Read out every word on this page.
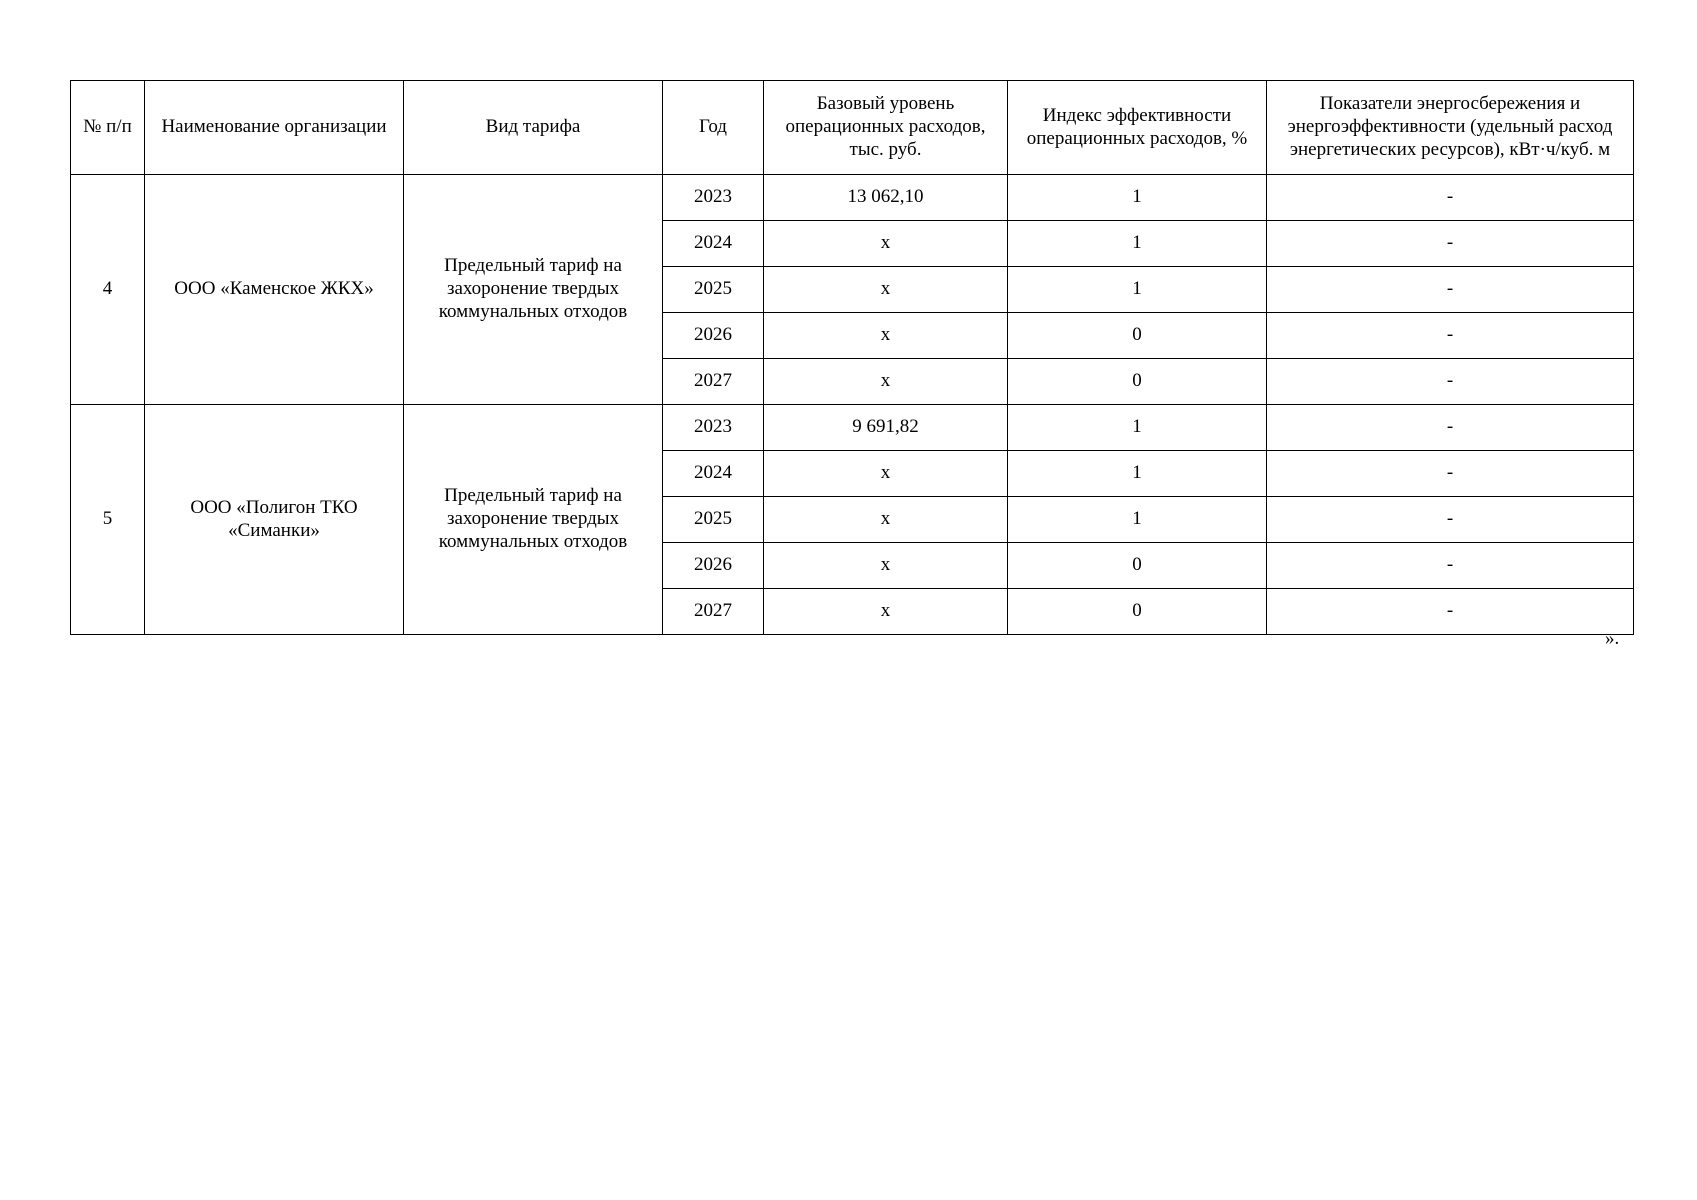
№ п/п	Наименование организации	Вид тарифа	Год	Базовый уровень операционных расходов, тыс. руб.	Индекс эффективности операционных расходов, %	Показатели энергосбережения и энергоэффективности (удельный расход энергетических ресурсов), кВт·ч/куб. м
4	ООО «Каменское ЖКХ»	Предельный тариф на захоронение твердых коммунальных отходов	2023	13 062,10	1	-
			2024	х	1	-
			2025	х	1	-
			2026	х	0	-
			2027	х	0	-
5	ООО «Полигон ТКО «Симанки»	Предельный тариф на захоронение твердых коммунальных отходов	2023	9 691,82	1	-
			2024	х	1	-
			2025	х	1	-
			2026	х	0	-
			2027	х	0	-
».
